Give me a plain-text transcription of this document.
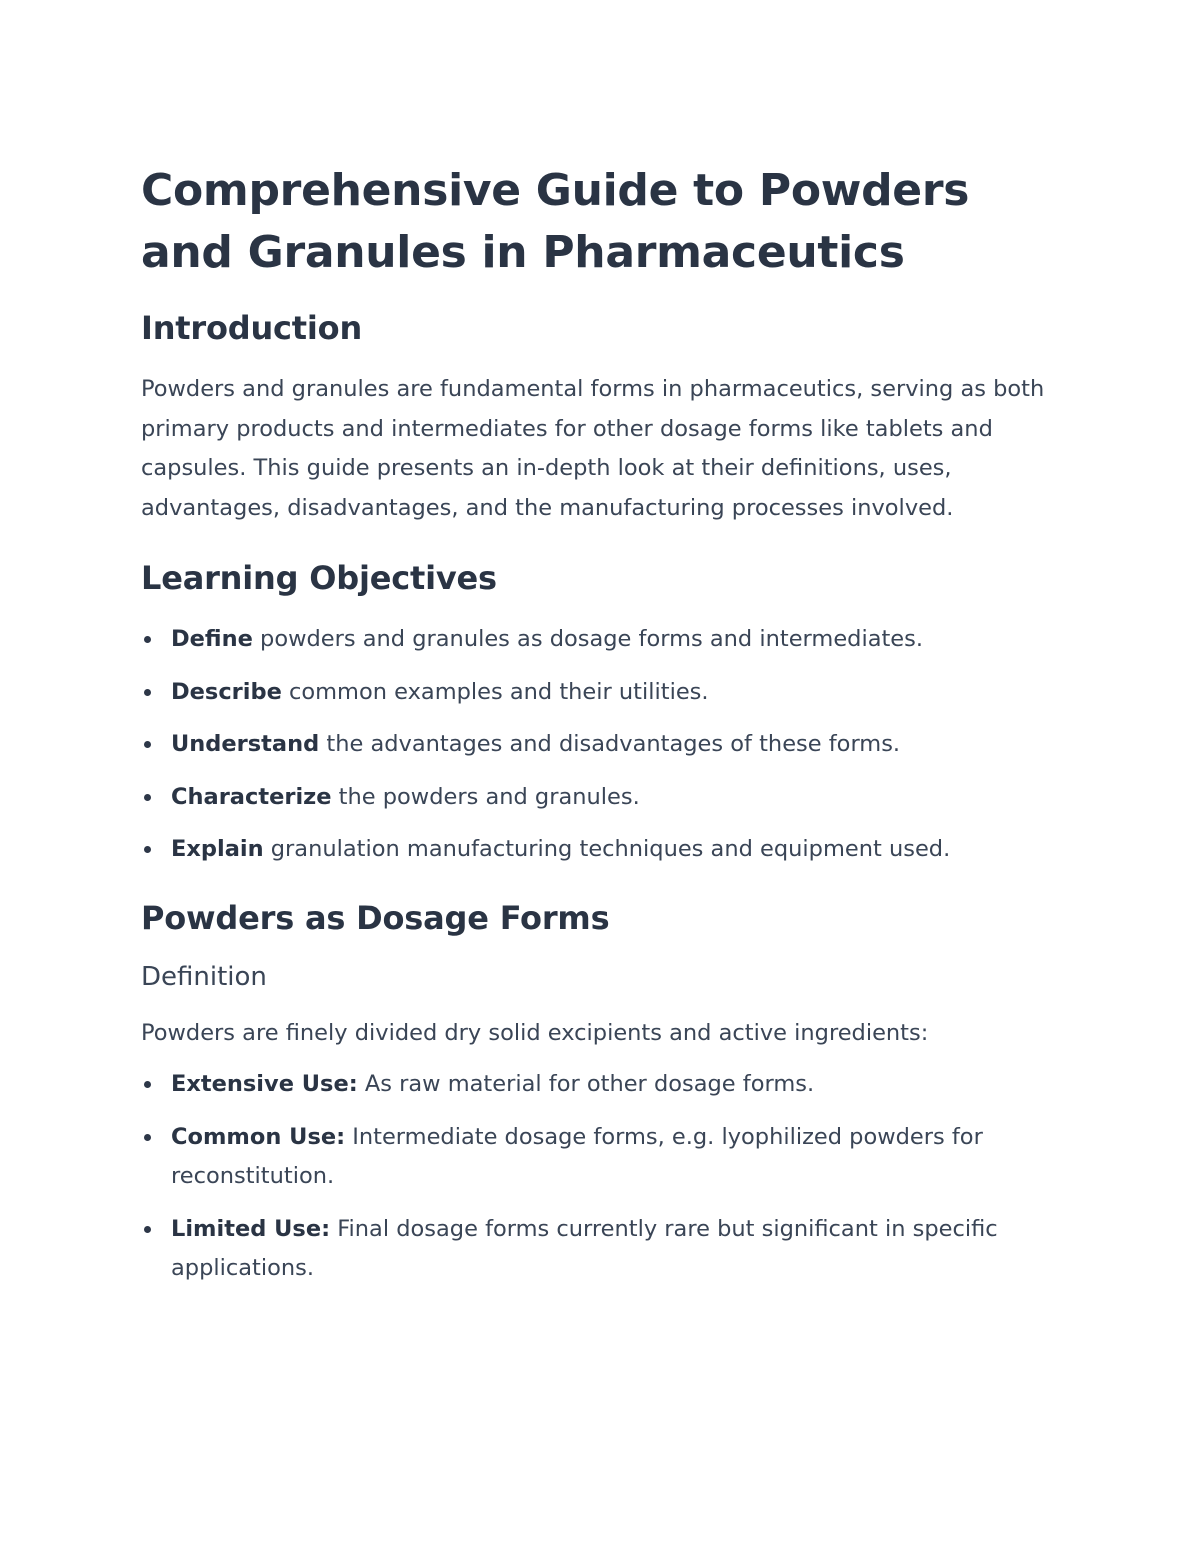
Comprehensive Guide to Powders and Granules in Pharmaceutics
Introduction

Powders and granules are fundamental forms in pharmaceutics, serving as both primary products and intermediates for other dosage forms like tablets and capsules. This guide presents an in-depth look at their definitions, uses, advantages, disadvantages, and the manufacturing processes involved.

Learning Objectives
Define powders and granules as dosage forms and intermediates.
Describe common examples and their utilities.
Understand the advantages and disadvantages of these forms.
Characterize the powders and granules.
Explain granulation manufacturing techniques and equipment used.
Powders as Dosage Forms
Definition

Powders are finely divided dry solid excipients and active ingredients:

Extensive Use: As raw material for other dosage forms.
Common Use: Intermediate dosage forms, e.g. lyophilized powders for reconstitution.
Limited Use: Final dosage forms currently rare but significant in specific applications.
